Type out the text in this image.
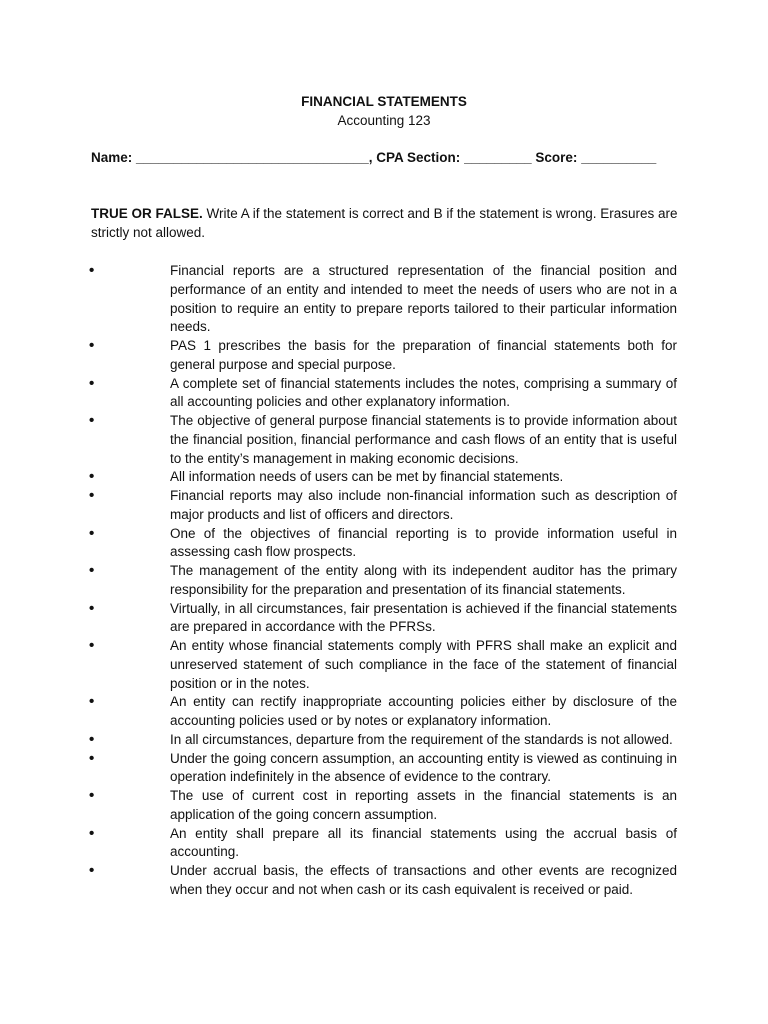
FINANCIAL STATEMENTS
Accounting 123
Name: _______________________________, CPA Section: _________ Score: __________
TRUE OR FALSE. Write A if the statement is correct and B if the statement is wrong. Erasures are strictly not allowed.
•	Financial reports are a structured representation of the financial position and performance of an entity and intended to meet the needs of users who are not in a position to require an entity to prepare reports tailored to their particular information needs.
•	PAS 1 prescribes the basis for the preparation of financial statements both for general purpose and special purpose.
•	A complete set of financial statements includes the notes, comprising a summary of all accounting policies and other explanatory information.
•	The objective of general purpose financial statements is to provide information about the financial position, financial performance and cash flows of an entity that is useful to the entity’s management in making economic decisions.
•	All information needs of users can be met by financial statements.
•	Financial reports may also include non-financial information such as description of major products and list of officers and directors.
•	One of the objectives of financial reporting is to provide information useful in assessing cash flow prospects.
•	The management of the entity along with its independent auditor has the primary responsibility for the preparation and presentation of its financial statements.
•	Virtually, in all circumstances, fair presentation is achieved if the financial statements are prepared in accordance with the PFRSs.
•	An entity whose financial statements comply with PFRS shall make an explicit and unreserved statement of such compliance in the face of the statement of financial position or in the notes.
•	An entity can rectify inappropriate accounting policies either by disclosure of the accounting policies used or by notes or explanatory information.
•	In all circumstances, departure from the requirement of the standards is not allowed.
•	Under the going concern assumption, an accounting entity is viewed as continuing in operation indefinitely in the absence of evidence to the contrary.
•	The use of current cost in reporting assets in the financial statements is an application of the going concern assumption.
•	An entity shall prepare all its financial statements using the accrual basis of accounting.
•	Under accrual basis, the effects of transactions and other events are recognized when they occur and not when cash or its cash equivalent is received or paid.
